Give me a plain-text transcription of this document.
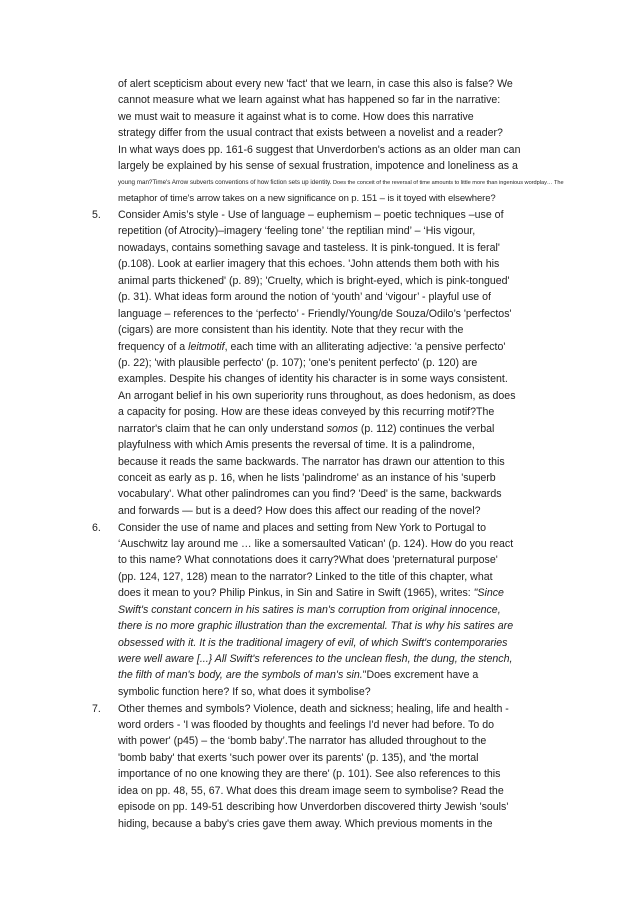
of alert scepticism about every new 'fact' that we learn, in case this also is false? We
cannot measure what we learn against what has happened so far in the narrative:
we must wait to measure it against what is to come. How does this narrative
strategy differ from the usual contract that exists between a novelist and a reader?
In what ways does pp. 161-6 suggest that Unverdorben's actions as an older man can
largely be explained by his sense of sexual frustration, impotence and loneliness as a
young man?Time's Arrow subverts conventions of how fiction sets up identity. Does the conceit of the reversal of time amounts to little more than ingenious wordplay… The
metaphor of time's arrow takes on a new significance on p. 151 – is it toyed with elsewhere?
5. Consider Amis’s style - Use of language – euphemism – poetic techniques –use of
repetition (of Atrocity)–imagery ‘feeling tone’ ‘the reptilian mind’ – ‘His vigour,
nowadays, contains something savage and tasteless. It is pink-tongued. It is feral'
(p.108). Look at earlier imagery that this echoes. 'John attends them both with his
animal parts thickened' (p. 89); 'Cruelty, which is bright-eyed, which is pink-tongued'
(p. 31). What ideas form around the notion of ‘youth’ and ‘vigour’ - playful use of
language – references to the ‘perfecto’ - Friendly/Young/de Souza/Odilo’s 'perfectos'
(cigars) are more consistent than his identity. Note that they recur with the
frequency of a leitmotif, each time with an alliterating adjective: 'a pensive perfecto'
(p. 22); 'with plausible perfecto' (p. 107); 'one's penitent perfecto' (p. 120) are
examples. Despite his changes of identity his character is in some ways consistent.
An arrogant belief in his own superiority runs throughout, as does hedonism, as does
a capacity for posing. How are these ideas conveyed by this recurring motif?The
narrator's claim that he can only understand somos (p. 112) continues the verbal
playfulness with which Amis presents the reversal of time. It is a palindrome,
because it reads the same backwards. The narrator has drawn our attention to this
conceit as early as p. 16, when he lists 'palindrome' as an instance of his 'superb
vocabulary'. What other palindromes can you find? 'Deed' is the same, backwards
and forwards — but is a deed? How does this affect our reading of the novel?
6. Consider the use of name and places and setting from New York to Portugal to
‘Auschwitz lay around me … like a somersaulted Vatican' (p. 124). How do you react
to this name? What connotations does it carry?What does 'preternatural purpose'
(pp. 124, 127, 128) mean to the narrator? Linked to the title of this chapter, what
does it mean to you? Philip Pinkus, in Sin and Satire in Swift (1965), writes: "Since
Swift's constant concern in his satires is man's corruption from original innocence,
there is no more graphic illustration than the excremental. That is why his satires are
obsessed with it. It is the traditional imagery of evil, of which Swift's contemporaries
were well aware [...} All Swift's references to the unclean flesh, the dung, the stench,
the filth of man's body, are the symbols of man's sin."Does excrement have a
symbolic function here? If so, what does it symbolise?
7. Other themes and symbols? Violence, death and sickness; healing, life and health -
word orders - 'I was flooded by thoughts and feelings I'd never had before. To do
with power' (p45) – the ‘bomb baby’.The narrator has alluded throughout to the
'bomb baby' that exerts 'such power over its parents' (p. 135), and 'the mortal
importance of no one knowing they are there' (p. 101). See also references to this
idea on pp. 48, 55, 67. What does this dream image seem to symbolise? Read the
episode on pp. 149-51 describing how Unverdorben discovered thirty Jewish 'souls'
hiding, because a baby's cries gave them away. Which previous moments in the
